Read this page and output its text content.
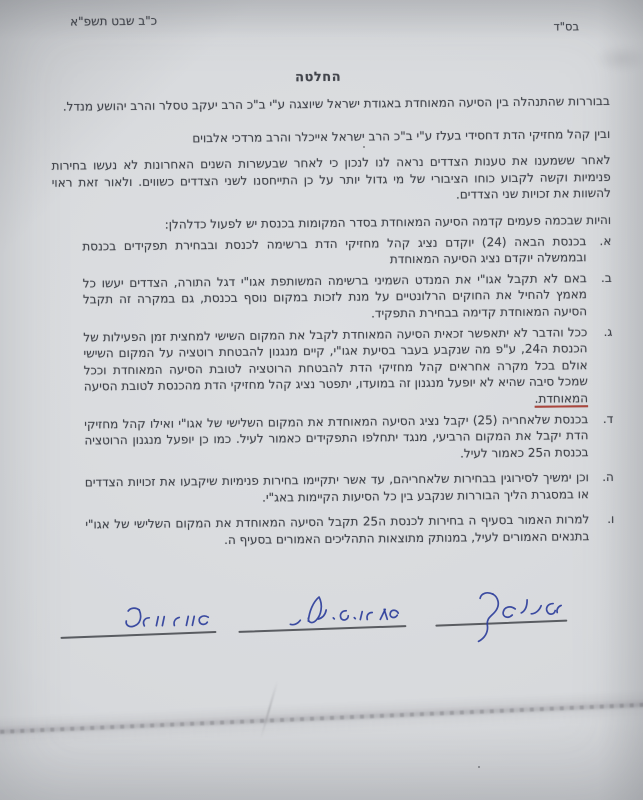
כ"ב שבט תשפ"א	בס"ד
החלטה

בבוררות שהתנהלה בין הסיעה המאוחדת באגודת ישראל שיוצגה ע"י ב"כ הרב יעקב טסלר והרב יהושע מנדל.

ובין קהל מחזיקי הדת דחסידי בעלז ע"י ב"כ הרב ישראל אייכלר והרב מרדכי אלבוים

לאחר ששמענו את טענות הצדדים נראה לנו לנכון כי לאחר שבעשרות השנים האחרונות לא נעשו בחירות פנימיות וקשה לקבוע כוחו הציבורי של מי גדול יותר על כן התייחסנו לשני הצדדים כשווים. ולאור זאת ראוי להשוות את זכויות שני הצדדים.

והיות שבכמה פעמים קדמה הסיעה המאוחדת בסדר המקומות בכנסת יש לפעול כדלהלן:

א.
בכנסת הבאה (24) יוקדם נציג קהל מחזיקי הדת ברשימה לכנסת ובבחירת תפקידים בכנסת ובממשלה יוקדם נציג הסיעה המאוחדת
ב.
באם לא תקבל אגו"י את המנדט השמיני ברשימה המשותפת אגו"י דגל התורה, הצדדים יעשו כל מאמץ להחיל את החוקים הרלונטיים על מנת לזכות במקום נוסף בכנסת, גם במקרה זה תקבל הסיעה המאוחדת קדימה בבחירת התפקיד.
ג.
ככל והדבר לא יתאפשר זכאית הסיעה המאוחדת לקבל את המקום השישי למחצית זמן הפעילות של הכנסת ה24, ע"פ מה שנקבע בעבר בסיעת אגו"י, קיים מנגנון להבטחת רוטציה על המקום השישי אולם בכל מקרה אחראים קהל מחזיקי הדת להבטחת הרוטציה לטובת הסיעה המאוחדת וככל שמכל סיבה שהיא לא יופעל מנגנון זה במועדו, יתפטר נציג קהל מחזיקי הדת מהכנסת לטובת הסיעה המאוחדת.
ד.
בכנסת שלאחריה (25) יקבל נציג הסיעה המאוחדת את המקום השלישי של אגו"י ואילו קהל מחזיקי הדת יקבל את המקום הרביעי, מנגד יתחלפו התפקידים כאמור לעיל. כמו כן יופעל מנגנון הרוטציה בכנסת ה25 כאמור לעיל.
ה.
וכן ימשיך לסירוגין בבחירות שלאחריהם, עד אשר יתקיימו בחירות פנימיות שיקבעו את זכויות הצדדים או במסגרת הליך הבוררות שנקבע בין כל הסיעות הקיימות באג"י.
ו.
למרות האמור בסעיף ה בחירות לכנסת ה25 תקבל הסיעה המאוחדת את המקום השלישי של אגו"י בתנאים האמורים לעיל, במנותק מתוצאות התהליכים האמורים בסעיף ה.
